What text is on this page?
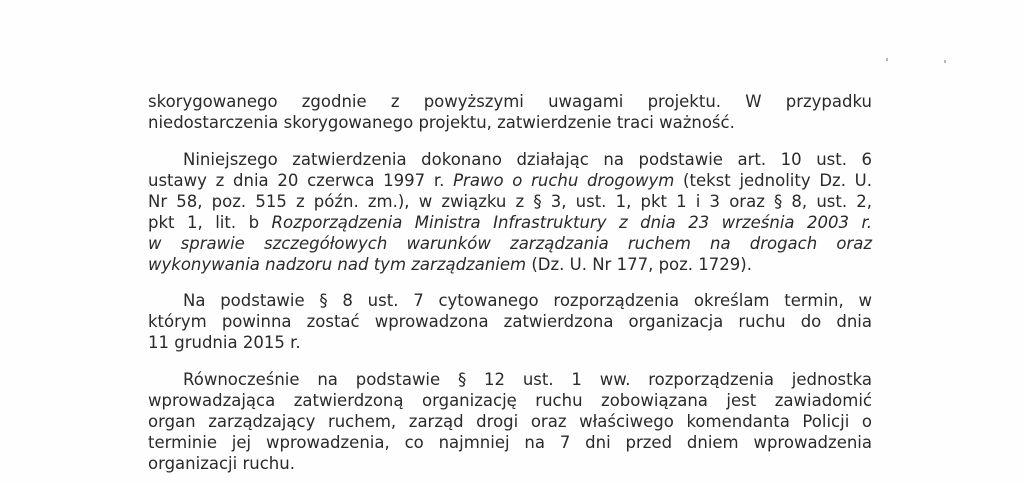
skorygowanego zgodnie z powyższymi uwagami projektu. W przypadku
niedostarczenia skorygowanego projektu, zatwierdzenie traci ważność.
Niniejszego zatwierdzenia dokonano działając na podstawie art. 10 ust. 6
ustawy z dnia 20 czerwca 1997 r. Prawo o ruchu drogowym (tekst jednolity Dz. U.
Nr 58, poz. 515 z późn. zm.), w związku z § 3, ust. 1, pkt 1 i 3 oraz § 8, ust. 2,
pkt 1, lit. b Rozporządzenia Ministra Infrastruktury z dnia 23 września 2003 r.
w sprawie szczegółowych warunków zarządzania ruchem na drogach oraz
wykonywania nadzoru nad tym zarządzaniem (Dz. U. Nr 177, poz. 1729).
Na podstawie § 8 ust. 7 cytowanego rozporządzenia określam termin, w
którym powinna zostać wprowadzona zatwierdzona organizacja ruchu do dnia
11 grudnia 2015 r.
Równocześnie na podstawie § 12 ust. 1 ww. rozporządzenia jednostka
wprowadzająca zatwierdzoną organizację ruchu zobowiązana jest zawiadomić
organ zarządzający ruchem, zarząd drogi oraz właściwego komendanta Policji o
terminie jej wprowadzenia, co najmniej na 7 dni przed dniem wprowadzenia
organizacji ruchu.
